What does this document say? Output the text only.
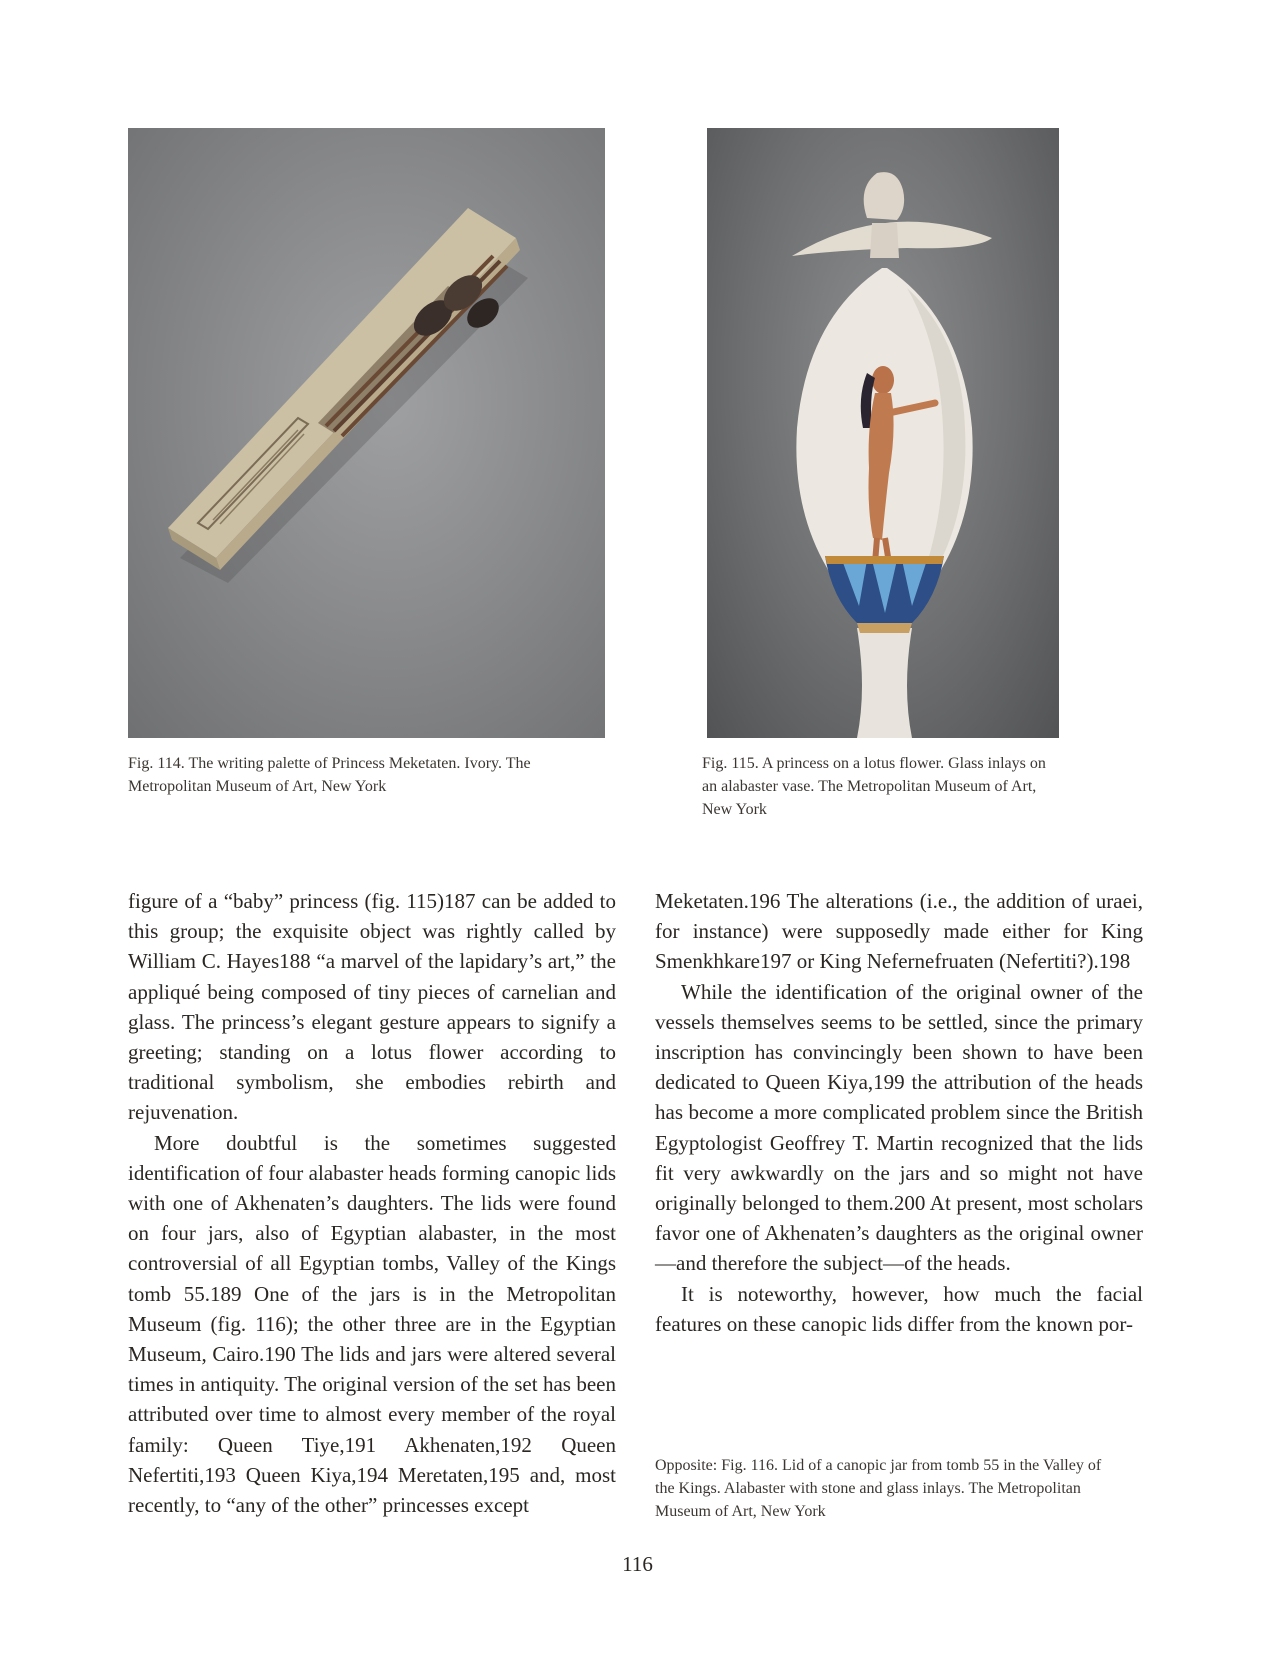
Fig. 114. The writing palette of Princess Meketaten. Ivory. The Metropolitan Museum of Art, New York
Fig. 115. A princess on a lotus flower. Glass inlays on an alabaster vase. The Metropolitan Museum of Art, New York

figure of a “baby” princess (fig. 115)187 can be added to this group; the exquisite object was rightly called by William C. Hayes188 “a marvel of the lapidary’s art,” the appliqué being composed of tiny pieces of carnelian and glass. The princess’s elegant gesture appears to signify a greeting; standing on a lotus flower according to traditional symbolism, she embodies rebirth and rejuvenation.

More doubtful is the sometimes suggested identification of four alabaster heads forming canopic lids with one of Akhenaten’s daughters. The lids were found on four jars, also of Egyptian alabaster, in the most controversial of all Egyptian tombs, Valley of the Kings tomb 55.189 One of the jars is in the Metropolitan Museum (fig. 116); the other three are in the Egyptian Museum, Cairo.190 The lids and jars were altered several times in antiquity. The original version of the set has been attributed over time to almost every member of the royal family: Queen Tiye,191 Akhenaten,192 Queen Nefertiti,193 Queen Kiya,194 Meretaten,195 and, most recently, to “any of the other” princesses except

Meketaten.196 The alterations (i.e., the addition of uraei, for instance) were supposedly made either for King Smenkhkare197 or King Nefernefruaten (Nefertiti?).198

While the identification of the original owner of the vessels themselves seems to be settled, since the primary inscription has convincingly been shown to have been dedicated to Queen Kiya,199 the attribution of the heads has become a more complicated problem since the British Egyptologist Geoffrey T. Martin recognized that the lids fit very awkwardly on the jars and so might not have originally belonged to them.200 At present, most scholars favor one of Akhenaten’s daughters as the original owner—and therefore the subject—of the heads.

It is noteworthy, however, how much the facial features on these canopic lids differ from the known por-

Opposite: Fig. 116. Lid of a canopic jar from tomb 55 in the Valley of the Kings. Alabaster with stone and glass inlays. The Metropolitan Museum of Art, New York
116
